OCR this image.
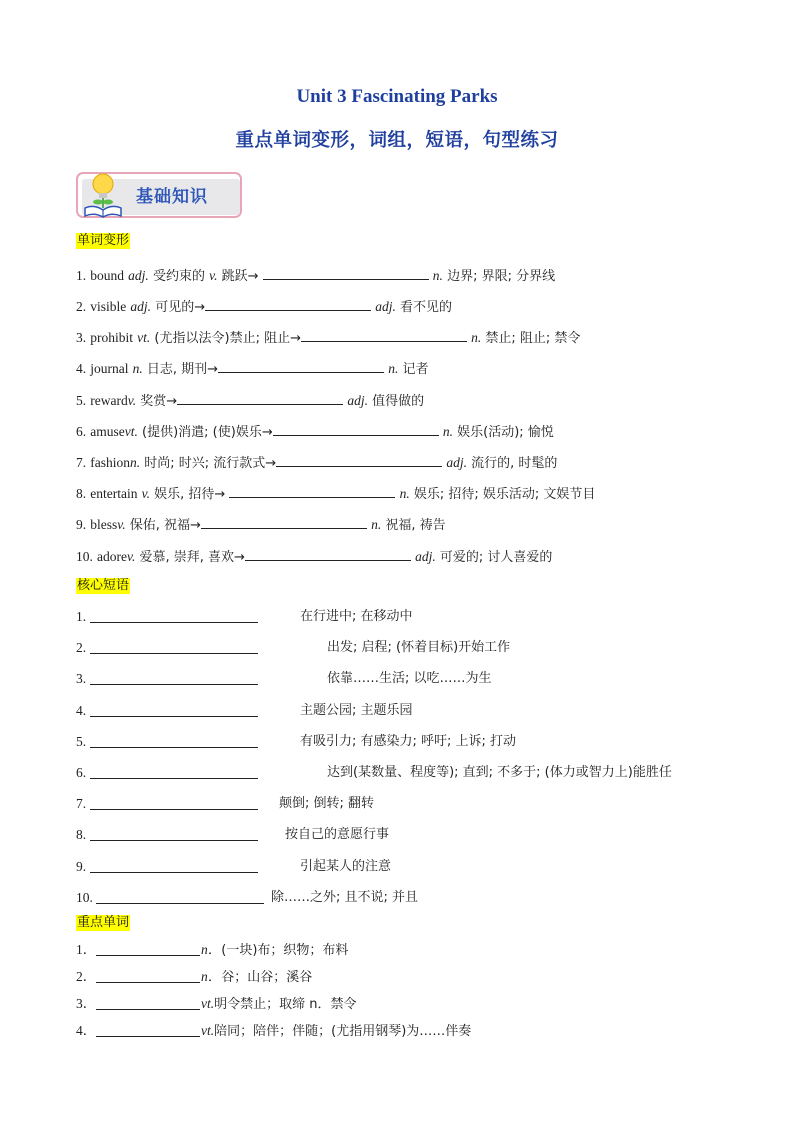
Unit 3 Fascinating Parks
重点单词变形，词组，短语，句型练习
基础知识
单词变形
1. bound adj. 受约束的 v. 跳跃→	n. 边界; 界限; 分界线
2. visible adj. 可见的→	adj. 看不见的
3. prohibit vt. (尤指以法令)禁止; 阻止→	n. 禁止; 阻止; 禁令
4. journal n. 日志, 期刊→	n. 记者
5. rewardv. 奖赏→	adj. 值得做的
6. amusevt. (提供)消遣; (使)娱乐→	n. 娱乐(活动); 愉悦
7. fashionn. 时尚; 时兴; 流行款式→	adj. 流行的, 时髦的
8. entertain v. 娱乐, 招待→	n. 娱乐; 招待; 娱乐活动; 文娱节目
9. blessv. 保佑, 祝福→	n. 祝福, 祷告
10. adorev. 爱慕, 崇拜, 喜欢→	adj. 可爱的; 讨人喜爱的
核心短语
1.	在行进中; 在移动中
2.	出发; 启程; (怀着目标)开始工作
3.	依靠……生活; 以吃……为生
4.	主题公园; 主题乐园
5.	有吸引力; 有感染力; 呼吁; 上诉; 打动
6.	达到(某数量、程度等); 直到; 不多于; (体力或智力上)能胜任
7.	颠倒; 倒转; 翻转
8.	按自己的意愿行事
9.	引起某人的注意
10.	除……之外; 且不说; 并且
重点单词
1．	n．(一块)布；织物；布料
2．	n．谷；山谷；溪谷
3．	vt.明令禁止；取缔 n．禁令
4．	vt.陪同；陪伴；伴随；(尤指用钢琴)为……伴奏
